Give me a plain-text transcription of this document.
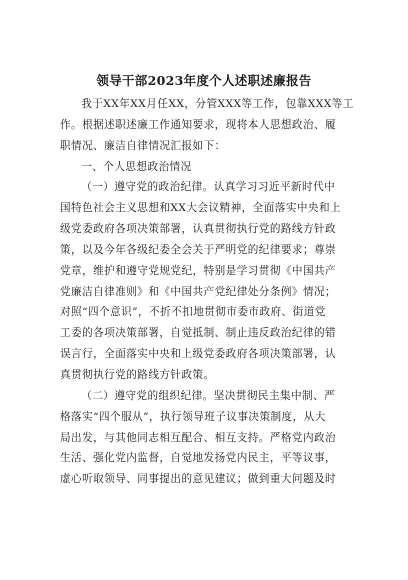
领导干部2023年度个人述职述廉报告

我于XX年XX月任XX，分管XXX等工作，包靠XXX等工
作。根据述职述廉工作通知要求，现将本人思想政治、履
职情况、廉洁自律情况汇报如下：

一、个人思想政治情况

（一）遵守党的政治纪律。认真学习习近平新时代中
国特色社会主义思想和XX大会议精神，全面落实中央和上
级党委政府各项决策部署，认真贯彻执行党的路线方针政
策，以及今年各级纪委全会关于严明党的纪律要求；尊崇
党章，维护和遵守党规党纪，特别是学习贯彻《中国共产
党廉洁自律准则》和《中国共产党纪律处分条例》情况；
对照“四个意识”，不折不扣地贯彻市委市政府、街道党
工委的各项决策部署，自觉抵制、制止违反政治纪律的错
误言行，全面落实中央和上级党委政府各项决策部署，认
真贯彻执行党的路线方针政策。

（二）遵守党的组织纪律。坚决贯彻民主集中制、严
格落实“四个服从”，执行领导班子议事决策制度，从大
局出发，与其他同志相互配合、相互支持。严格党内政治
生活、强化党内监督，自觉地发扬党内民主，平等议事，
虚心听取领导、同事提出的意见建议；做到重大问题及时
